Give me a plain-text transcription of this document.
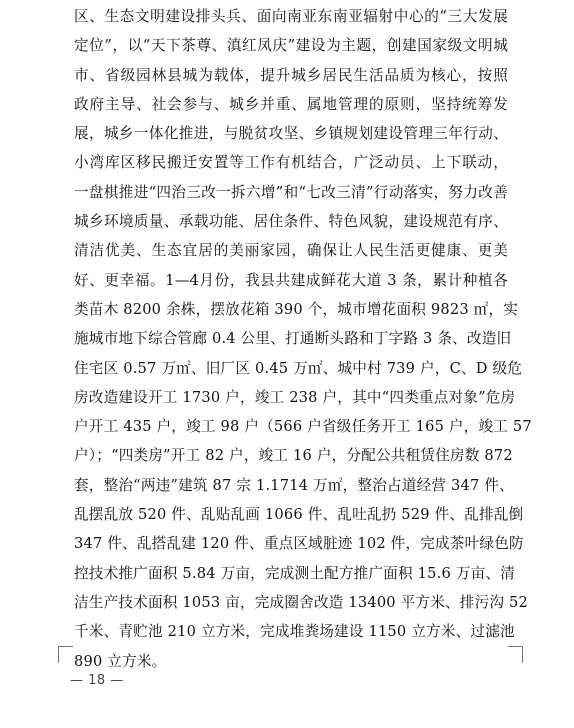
区、生态文明建设排头兵、面向南亚东南亚辐射中心的“三大发展
定位”，以“天下茶尊、滇红凤庆”建设为主题，创建国家级文明城
市、省级园林县城为载体，提升城乡居民生活品质为核心，按照
政府主导、社会参与、城乡并重、属地管理的原则，坚持统筹发
展，城乡一体化推进，与脱贫攻坚、乡镇规划建设管理三年行动、
小湾库区移民搬迁安置等工作有机结合，广泛动员、上下联动，
一盘棋推进“四治三改一拆六增”和“七改三清”行动落实，努力改善
城乡环境质量、承载功能、居住条件、特色风貌，建设规范有序、
清洁优美、生态宜居的美丽家园，确保让人民生活更健康、更美
好、更幸福。1—4月份，我县共建成鲜花大道 3 条，累计种植各
类苗木 8200 余株，摆放花箱 390 个，城市增花面积 9823 ㎡，实
施城市地下综合管廊 0.4 公里、打通断头路和丁字路 3 条、改造旧
住宅区 0.57 万㎡、旧厂区 0.45 万㎡、城中村 739 户，C、D 级危
房改造建设开工 1730 户，竣工 238 户，其中“四类重点对象”危房
户开工 435 户，竣工 98 户（566 户省级任务开工 165 户，竣工 57
户）；“四类房”开工 82 户，竣工 16 户，分配公共租赁住房数 872
套，整治“两违”建筑 87 宗 1.1714 万㎡，整治占道经营 347 件、
乱摆乱放 520 件、乱贴乱画 1066 件、乱吐乱扔 529 件、乱排乱倒
347 件、乱搭乱建 120 件、重点区域脏迹 102 件，完成茶叶绿色防
控技术推广面积 5.84 万亩，完成测土配方推广面积 15.6 万亩、清
洁生产技术面积 1053 亩，完成圈舍改造 13400 平方米、排污沟 52
千米、青贮池 210 立方米，完成堆粪场建设 1150 立方米、过滤池
890 立方米。
— 18 —
